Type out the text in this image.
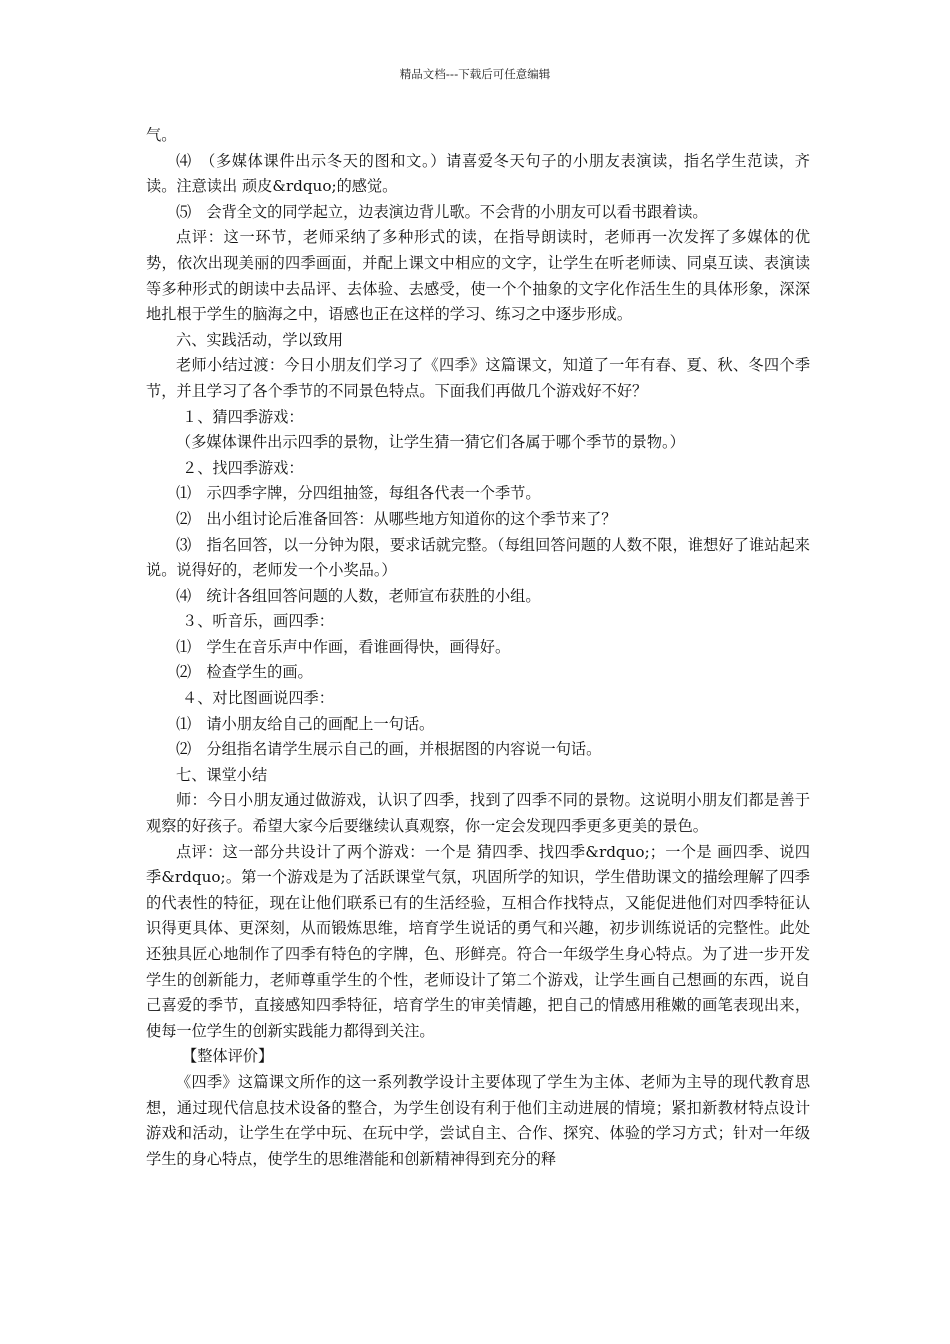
精品文档---下载后可任意编辑

气。

⑷　（多媒体课件出示冬天的图和文。）请喜爱冬天句子的小朋友表演读，指名学生范读，齐读。注意读出 顽皮&rdquo;的感觉。

⑸　会背全文的同学起立，边表演边背儿歌。不会背的小朋友可以看书跟着读。

点评：这一环节，老师采纳了多种形式的读，在指导朗读时，老师再一次发挥了多媒体的优势，依次出现美丽的四季画面，并配上课文中相应的文字，让学生在听老师读、同桌互读、表演读等多种形式的朗读中去品评、去体验、去感受，使一个个抽象的文字化作活生生的具体形象，深深地扎根于学生的脑海之中，语感也正在这样的学习、练习之中逐步形成。

六、实践活动，学以致用

老师小结过渡：今日小朋友们学习了《四季》这篇课文，知道了一年有春、夏、秋、冬四个季节，并且学习了各个季节的不同景色特点。下面我们再做几个游戏好不好？

１、猜四季游戏：

（多媒体课件出示四季的景物，让学生猜一猜它们各属于哪个季节的景物。）

２、找四季游戏：

⑴　示四季字牌，分四组抽签，每组各代表一个季节。

⑵　出小组讨论后准备回答：从哪些地方知道你的这个季节来了？

⑶　指名回答，以一分钟为限，要求话就完整。（每组回答问题的人数不限，谁想好了谁站起来说。说得好的，老师发一个小奖品。）

⑷　统计各组回答问题的人数，老师宣布获胜的小组。

３、听音乐，画四季：

⑴　学生在音乐声中作画，看谁画得快，画得好。

⑵　检查学生的画。

４、对比图画说四季：

⑴　请小朋友给自己的画配上一句话。

⑵　分组指名请学生展示自己的画，并根据图的内容说一句话。

七、课堂小结

师：今日小朋友通过做游戏，认识了四季，找到了四季不同的景物。这说明小朋友们都是善于观察的好孩子。希望大家今后要继续认真观察，你一定会发现四季更多更美的景色。

点评：这一部分共设计了两个游戏：一个是 猜四季、找四季&rdquo;；一个是 画四季、说四季&rdquo;。第一个游戏是为了活跃课堂气氛，巩固所学的知识，学生借助课文的描绘理解了四季的代表性的特征，现在让他们联系已有的生活经验，互相合作找特点，又能促进他们对四季特征认识得更具体、更深刻，从而锻炼思维，培育学生说话的勇气和兴趣，初步训练说话的完整性。此处还独具匠心地制作了四季有特色的字牌，色、形鲜亮。符合一年级学生身心特点。为了进一步开发学生的创新能力，老师尊重学生的个性，老师设计了第二个游戏，让学生画自己想画的东西，说自己喜爱的季节，直接感知四季特征，培育学生的审美情趣，把自己的情感用稚嫩的画笔表现出来，使每一位学生的创新实践能力都得到关注。

【整体评价】

《四季》这篇课文所作的这一系列教学设计主要体现了学生为主体、老师为主导的现代教育思想，通过现代信息技术设备的整合，为学生创设有利于他们主动进展的情境；紧扣新教材特点设计游戏和活动，让学生在学中玩、在玩中学，尝试自主、合作、探究、体验的学习方式；针对一年级学生的身心特点，使学生的思维潜能和创新精神得到充分的释
